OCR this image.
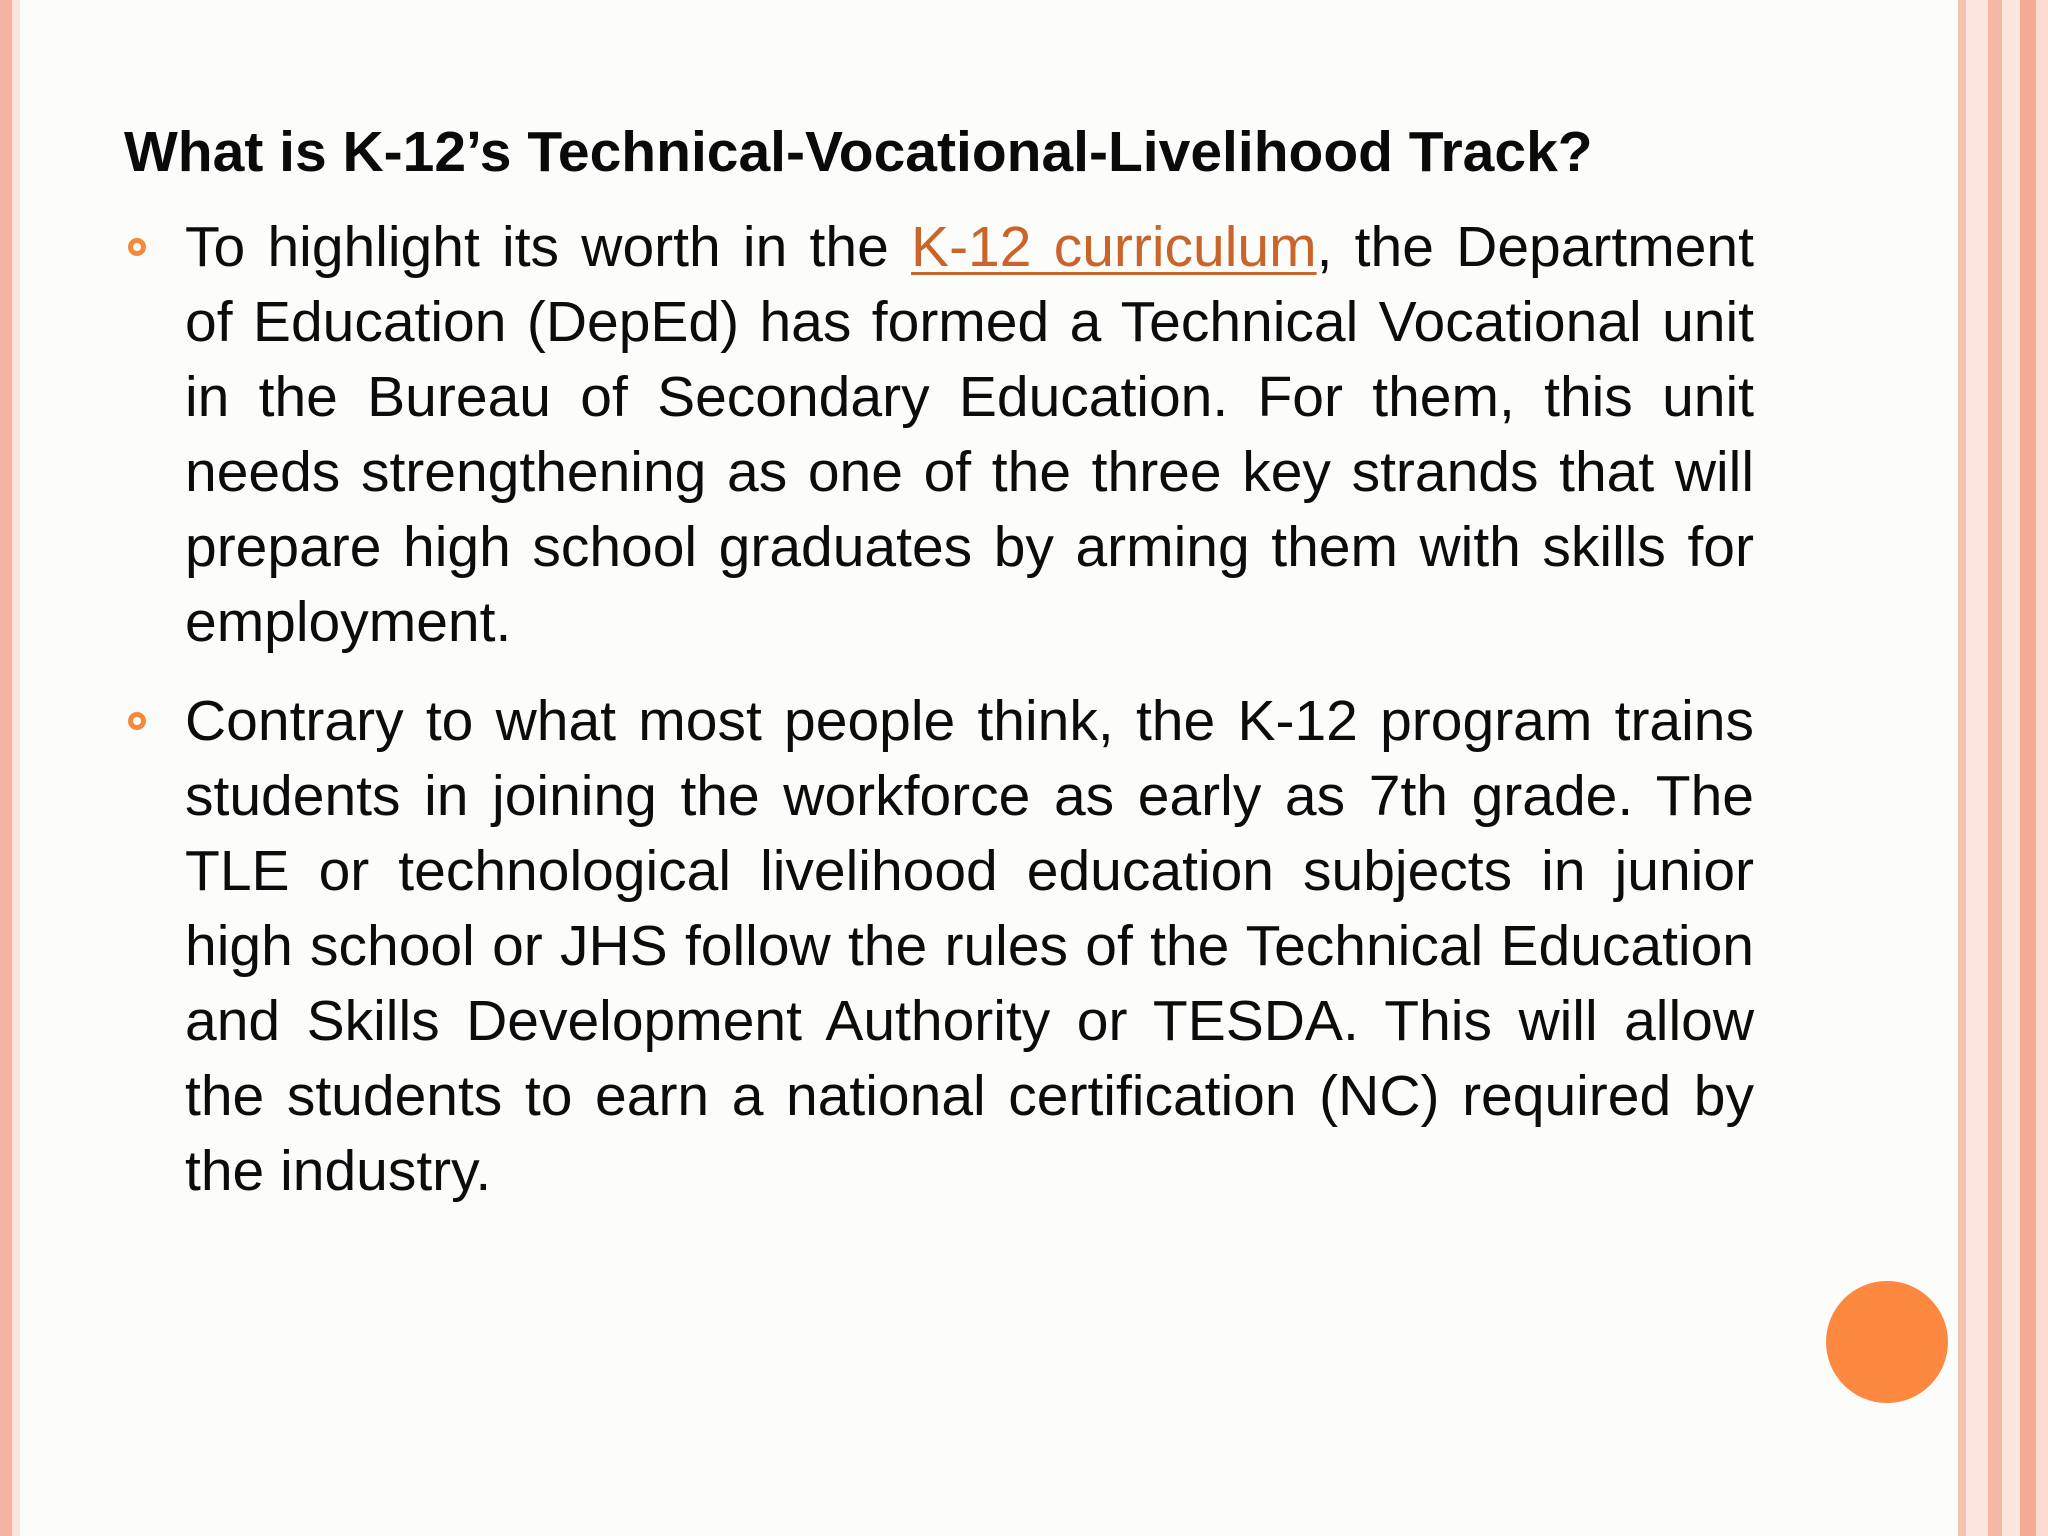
What is K-12’s Technical-Vocational-Livelihood Track?
To highlight its worth in the K-12 curriculum, the Department of Education (DepEd) has formed a Technical Vocational unit in the Bureau of Secondary Education. For them, this unit needs strengthening as one of the three key strands that will prepare high school graduates by arming them with skills for employment.
Contrary to what most people think, the K-12 program trains students in joining the workforce as early as 7th grade. The TLE or technological livelihood education subjects in junior high school or JHS follow the rules of the Technical Education and Skills Development Authority or TESDA. This will allow the students to earn a national certification (NC) required by the industry.
